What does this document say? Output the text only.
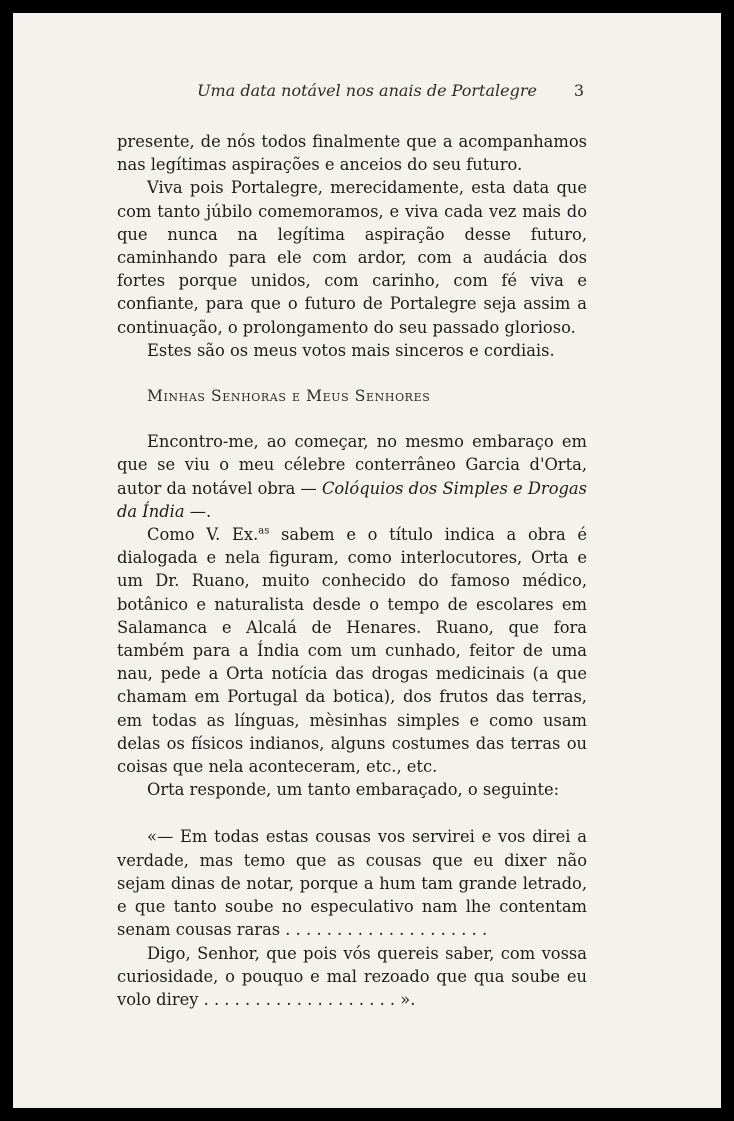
Uma data notável nos anais de Portalegre	3

presente, de nós todos finalmente que a acompanhamos nas legítimas aspirações e anceios do seu futuro.

Viva pois Portalegre, merecidamente, esta data que com tanto júbilo comemoramos, e viva cada vez mais do que nunca na legítima aspiração desse futuro, caminhando para ele com ardor, com a audácia dos fortes porque unidos, com carinho, com fé viva e confiante, para que o futuro de Portalegre seja assim a continuação, o prolongamento do seu passado glorioso.

Estes são os meus votos mais sinceros e cordiais.

Minhas Senhoras e Meus Senhores

Encontro-me, ao começar, no mesmo embaraço em que se viu o meu célebre conterrâneo Garcia d'Orta, autor da notável obra — Colóquios dos Simples e Drogas da Índia —.

Como V. Ex.$^{as}$ sabem e o título indica a obra é dialogada e nela figuram, como interlocutores, Orta e um Dr. Ruano, muito conhecido do famoso médico, botânico e naturalista desde o tempo de escolares em Salamanca e Alcalá de Henares. Ruano, que fora também para a Índia com um cunhado, feitor de uma nau, pede a Orta notícia das drogas medicinais (a que chamam em Portugal da botica), dos frutos das terras, em todas as línguas, mèsinhas simples e como usam delas os físicos indianos, alguns costumes das terras ou coisas que nela aconteceram, etc., etc.

Orta responde, um tanto embaraçado, o seguinte:

«— Em todas estas cousas vos servirei e vos direi a verdade, mas temo que as cousas que eu dixer não sejam dinas de notar, porque a hum tam grande letrado, e que tanto soube no especulativo nam lhe contentam senam cousas raras . . . . . . . . . . . . . . . . . . . .

Digo, Senhor, que pois vós quereis saber, com vossa curiosidade, o pouquo e mal rezoado que qua soube eu volo direy . . . . . . . . . . . . . . . . . . . ».
